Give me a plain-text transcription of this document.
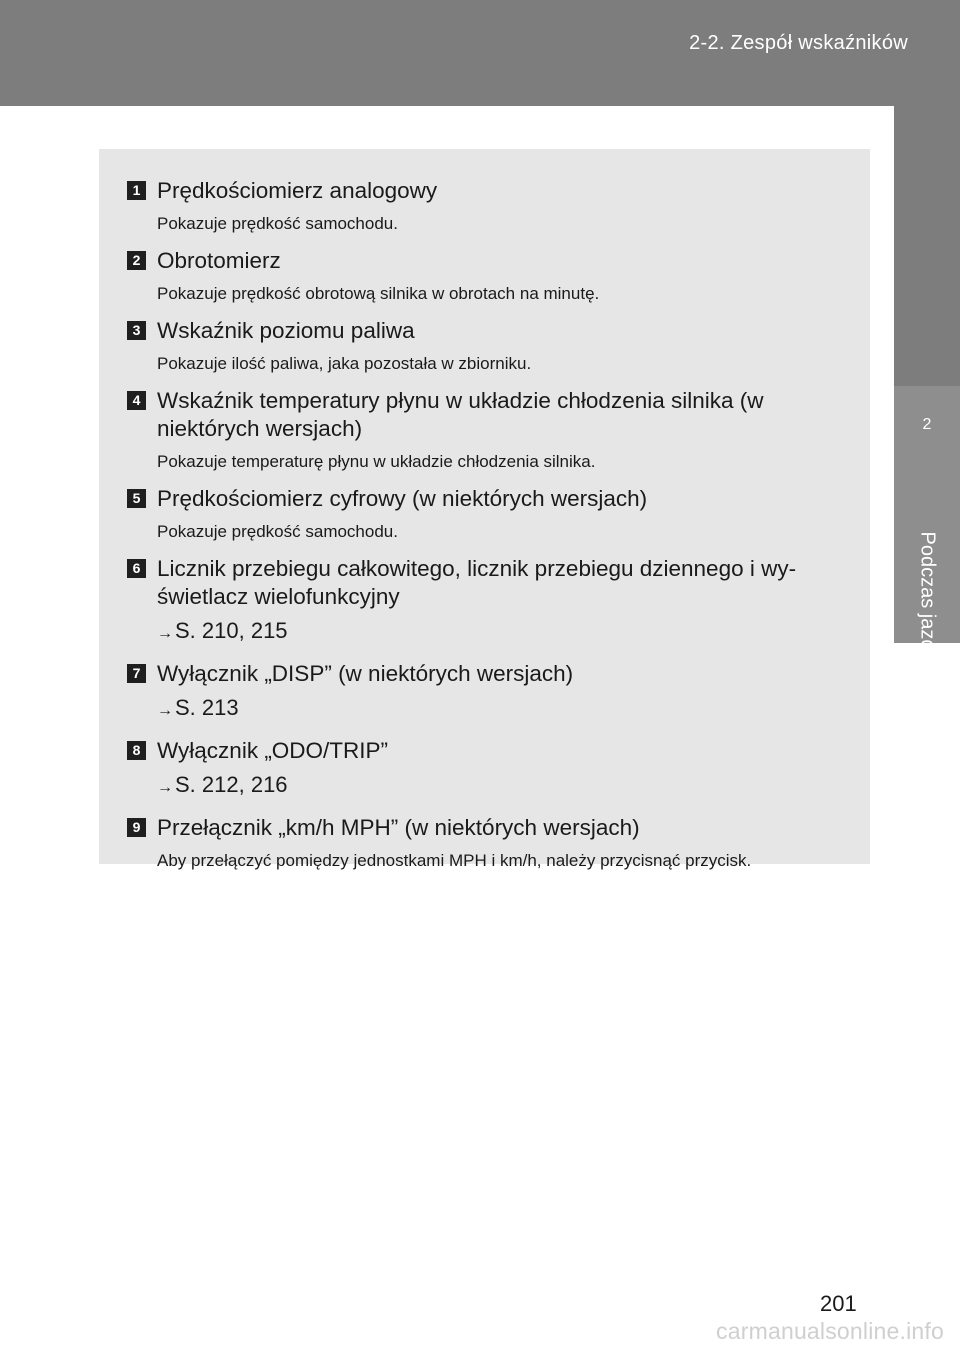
2-2. Zespół wskaźników
2
Podczas jazdy
1 Prędkościomierz analogowy
Pokazuje prędkość samochodu.
2 Obrotomierz
Pokazuje prędkość obrotową silnika w obrotach na minutę.
3 Wskaźnik poziomu paliwa
Pokazuje ilość paliwa, jaka pozostała w zbiorniku.
4 Wskaźnik temperatury płynu w układzie chłodzenia silnika (w niektórych wersjach)
Pokazuje temperaturę płynu w układzie chłodzenia silnika.
5 Prędkościomierz cyfrowy (w niektórych wersjach)
Pokazuje prędkość samochodu.
6 Licznik przebiegu całkowitego, licznik przebiegu dziennego i wy- świetlacz wielofunkcyjny
→S. 210, 215
7 Wyłącznik „DISP” (w niektórych wersjach)
→S. 213
8 Wyłącznik „ODO/TRIP”
→S. 212, 216
9 Przełącznik „km/h MPH” (w niektórych wersjach)
Aby przełączyć pomiędzy jednostkami MPH i km/h, należy przycisnąć przycisk.
201
carmanualsonline.info
